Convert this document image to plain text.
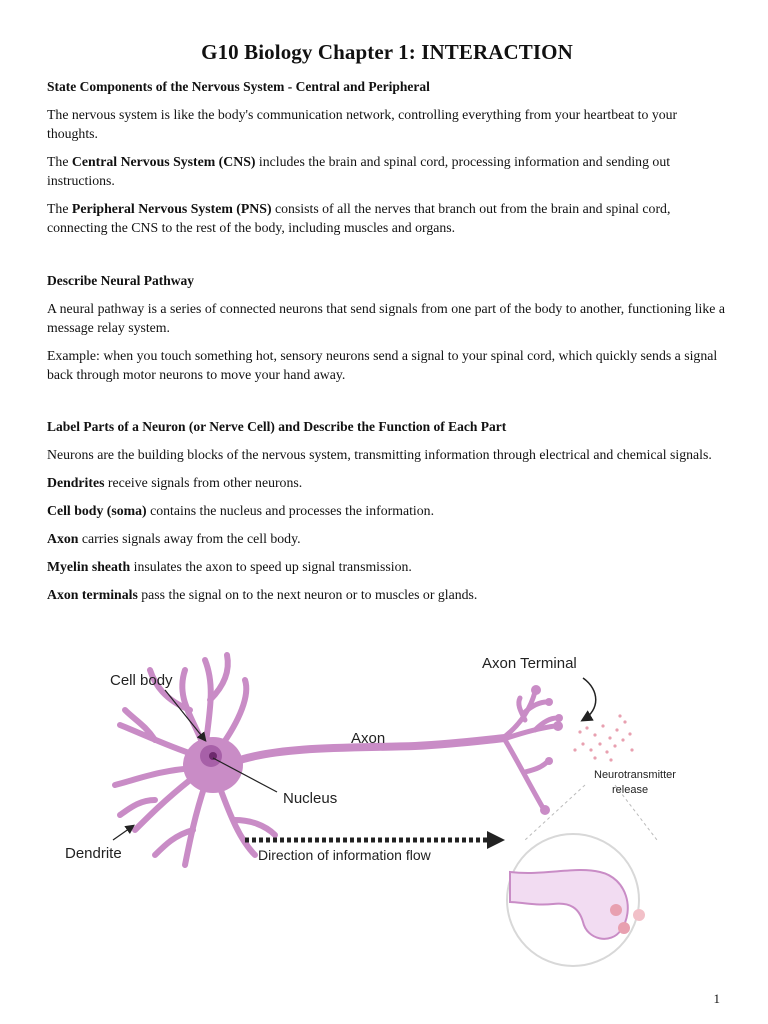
G10 Biology Chapter 1: INTERACTION
State Components of the Nervous System - Central and Peripheral

The nervous system is like the body's communication network, controlling everything from your heartbeat to your thoughts.

The Central Nervous System (CNS) includes the brain and spinal cord, processing information and sending out instructions.

The Peripheral Nervous System (PNS) consists of all the nerves that branch out from the brain and spinal cord, connecting the CNS to the rest of the body, including muscles and organs.

Describe Neural Pathway

A neural pathway is a series of connected neurons that send signals from one part of the body to another, functioning like a message relay system.

Example: when you touch something hot, sensory neurons send a signal to your spinal cord, which quickly sends a signal back through motor neurons to move your hand away.

Label Parts of a Neuron (or Nerve Cell) and Describe the Function of Each Part

Neurons are the building blocks of the nervous system, transmitting information through electrical and chemical signals.

Dendrites receive signals from other neurons.

Cell body (soma) contains the nucleus and processes the information.

Axon carries signals away from the cell body.

Myelin sheath insulates the axon to speed up signal transmission.

Axon terminals pass the signal on to the next neuron or to muscles or glands.

Cell body
Axon Terminal
Axon
Nucleus
Neurotransmitter
release
Dendrite	Direction of information flow
1
